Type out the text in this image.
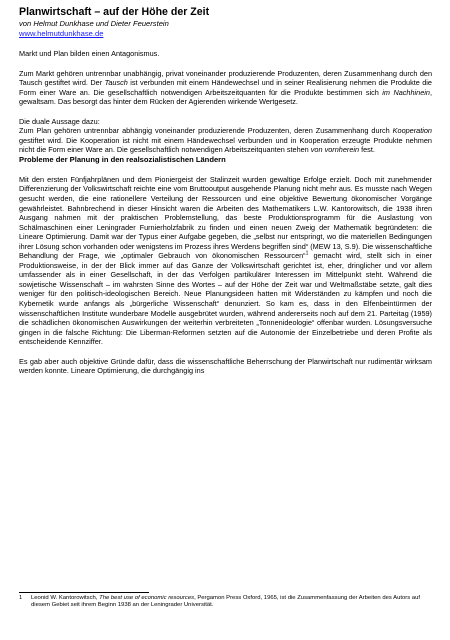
Planwirtschaft – auf der Höhe der Zeit
von Helmut Dunkhase und Dieter Feuerstein
www.helmutdunkhase.de

Markt und Plan bilden einen Antagonismus.

Zum Markt gehören untrennbar unabhängig, privat voneinander produzierende Produzenten, deren Zusammenhang durch den Tausch gestiftet wird. Der Tausch ist verbunden mit einem Händewechsel und in seiner Realisierung nehmen die Produkte die Form einer Ware an. Die gesellschaftlich notwendigen Arbeitszeitquanten für die Produkte bestimmen sich im Nachhinein, gewaltsam. Das besorgt das hinter dem Rücken der Agierenden wirkende Wertgesetz.

Die duale Aussage dazu:

Zum Plan gehören untrennbar abhängig voneinander produzierende Produzenten, deren Zusammenhang durch Kooperation gestiftet wird. Die Kooperation ist nicht mit einem Händewechsel verbunden und in Kooperation erzeugte Produkte nehmen nicht die Form einer Ware an. Die gesellschaftlich notwendigen Arbeitszeitquanten stehen von vornherein fest.

Probleme der Planung in den realsozialistischen Ländern

Mit den ersten Fünfjahrplänen und dem Pioniergeist der Stalinzeit wurden gewaltige Erfolge erzielt. Doch mit zunehmender Differenzierung der Volkswirtschaft reichte eine vom Bruttooutput ausgehende Planung nicht mehr aus. Es musste nach Wegen gesucht werden, die eine rationellere Verteilung der Ressourcen und eine objektive Bewertung ökonomischer Vorgänge gewährleistet. Bahnbrechend in dieser Hinsicht waren die Arbeiten des Mathematikers L.W. Kantorowitsch, die 1938 ihren Ausgang nahmen mit der praktischen Problemstellung, das beste Produktionsprogramm für die Auslastung von Schälmaschinen einer Leningrader Furnierholzfabrik zu finden und einen neuen Zweig der Mathematik begründeten: die Lineare Optimierung. Damit war der Typus einer Aufgabe gegeben, die „selbst nur entspringt, wo die materiellen Bedingungen ihrer Lösung schon vorhanden oder wenigstens im Prozess ihres Werdens begriffen sind“ (MEW 13, S.9). Die wissenschaftliche Behandlung der Frage, wie „optimaler Gebrauch von ökonomischen Ressourcen“$^1$ gemacht wird, stellt sich in einer Produktionsweise, in der der Blick immer auf das Ganze der Volkswirtschaft gerichtet ist, eher, dringlicher und vor allem umfassender als in einer Gesellschaft, in der das Verfolgen partikulärer Interessen im Mittelpunkt steht. Während die sowjetische Wissenschaft – im wahrsten Sinne des Wortes – auf der Höhe der Zeit war und Weltmaßstäbe setzte, galt dies weniger für den politisch-ideologischen Bereich. Neue Planungsideen hatten mit Widerständen zu kämpfen und noch die Kybernetik wurde anfangs als „bürgerliche Wissenschaft“ denunziert. So kam es, dass in den Elfenbeintürmen der wissenschaftlichen Institute wunderbare Modelle ausgebrütet wurden, während andererseits noch auf dem 21. Parteitag (1959) die schädlichen ökonomischen Auswirkungen der weiterhin verbreiteten „Tonnenideologie“ offenbar wurden. Lösungsversuche gingen in die falsche Richtung: Die Liberman-Reformen setzten auf die Autonomie der Einzelbetriebe und deren Profite als entscheidende Kennziffer.

Es gab aber auch objektive Gründe dafür, dass die wissenschaftliche Beherrschung der Planwirtschaft nur rudimentär wirksam werden konnte. Lineare Optimierung, die durchgängig ins

1 Leonid W. Kantorowitsch, The best use of economic resources, Pergamon Press Oxford, 1965, ist die Zusammenfassung der Arbeiten des Autors auf diesem Gebiet seit ihrem Beginn 1938 an der Leningrader Universität.
